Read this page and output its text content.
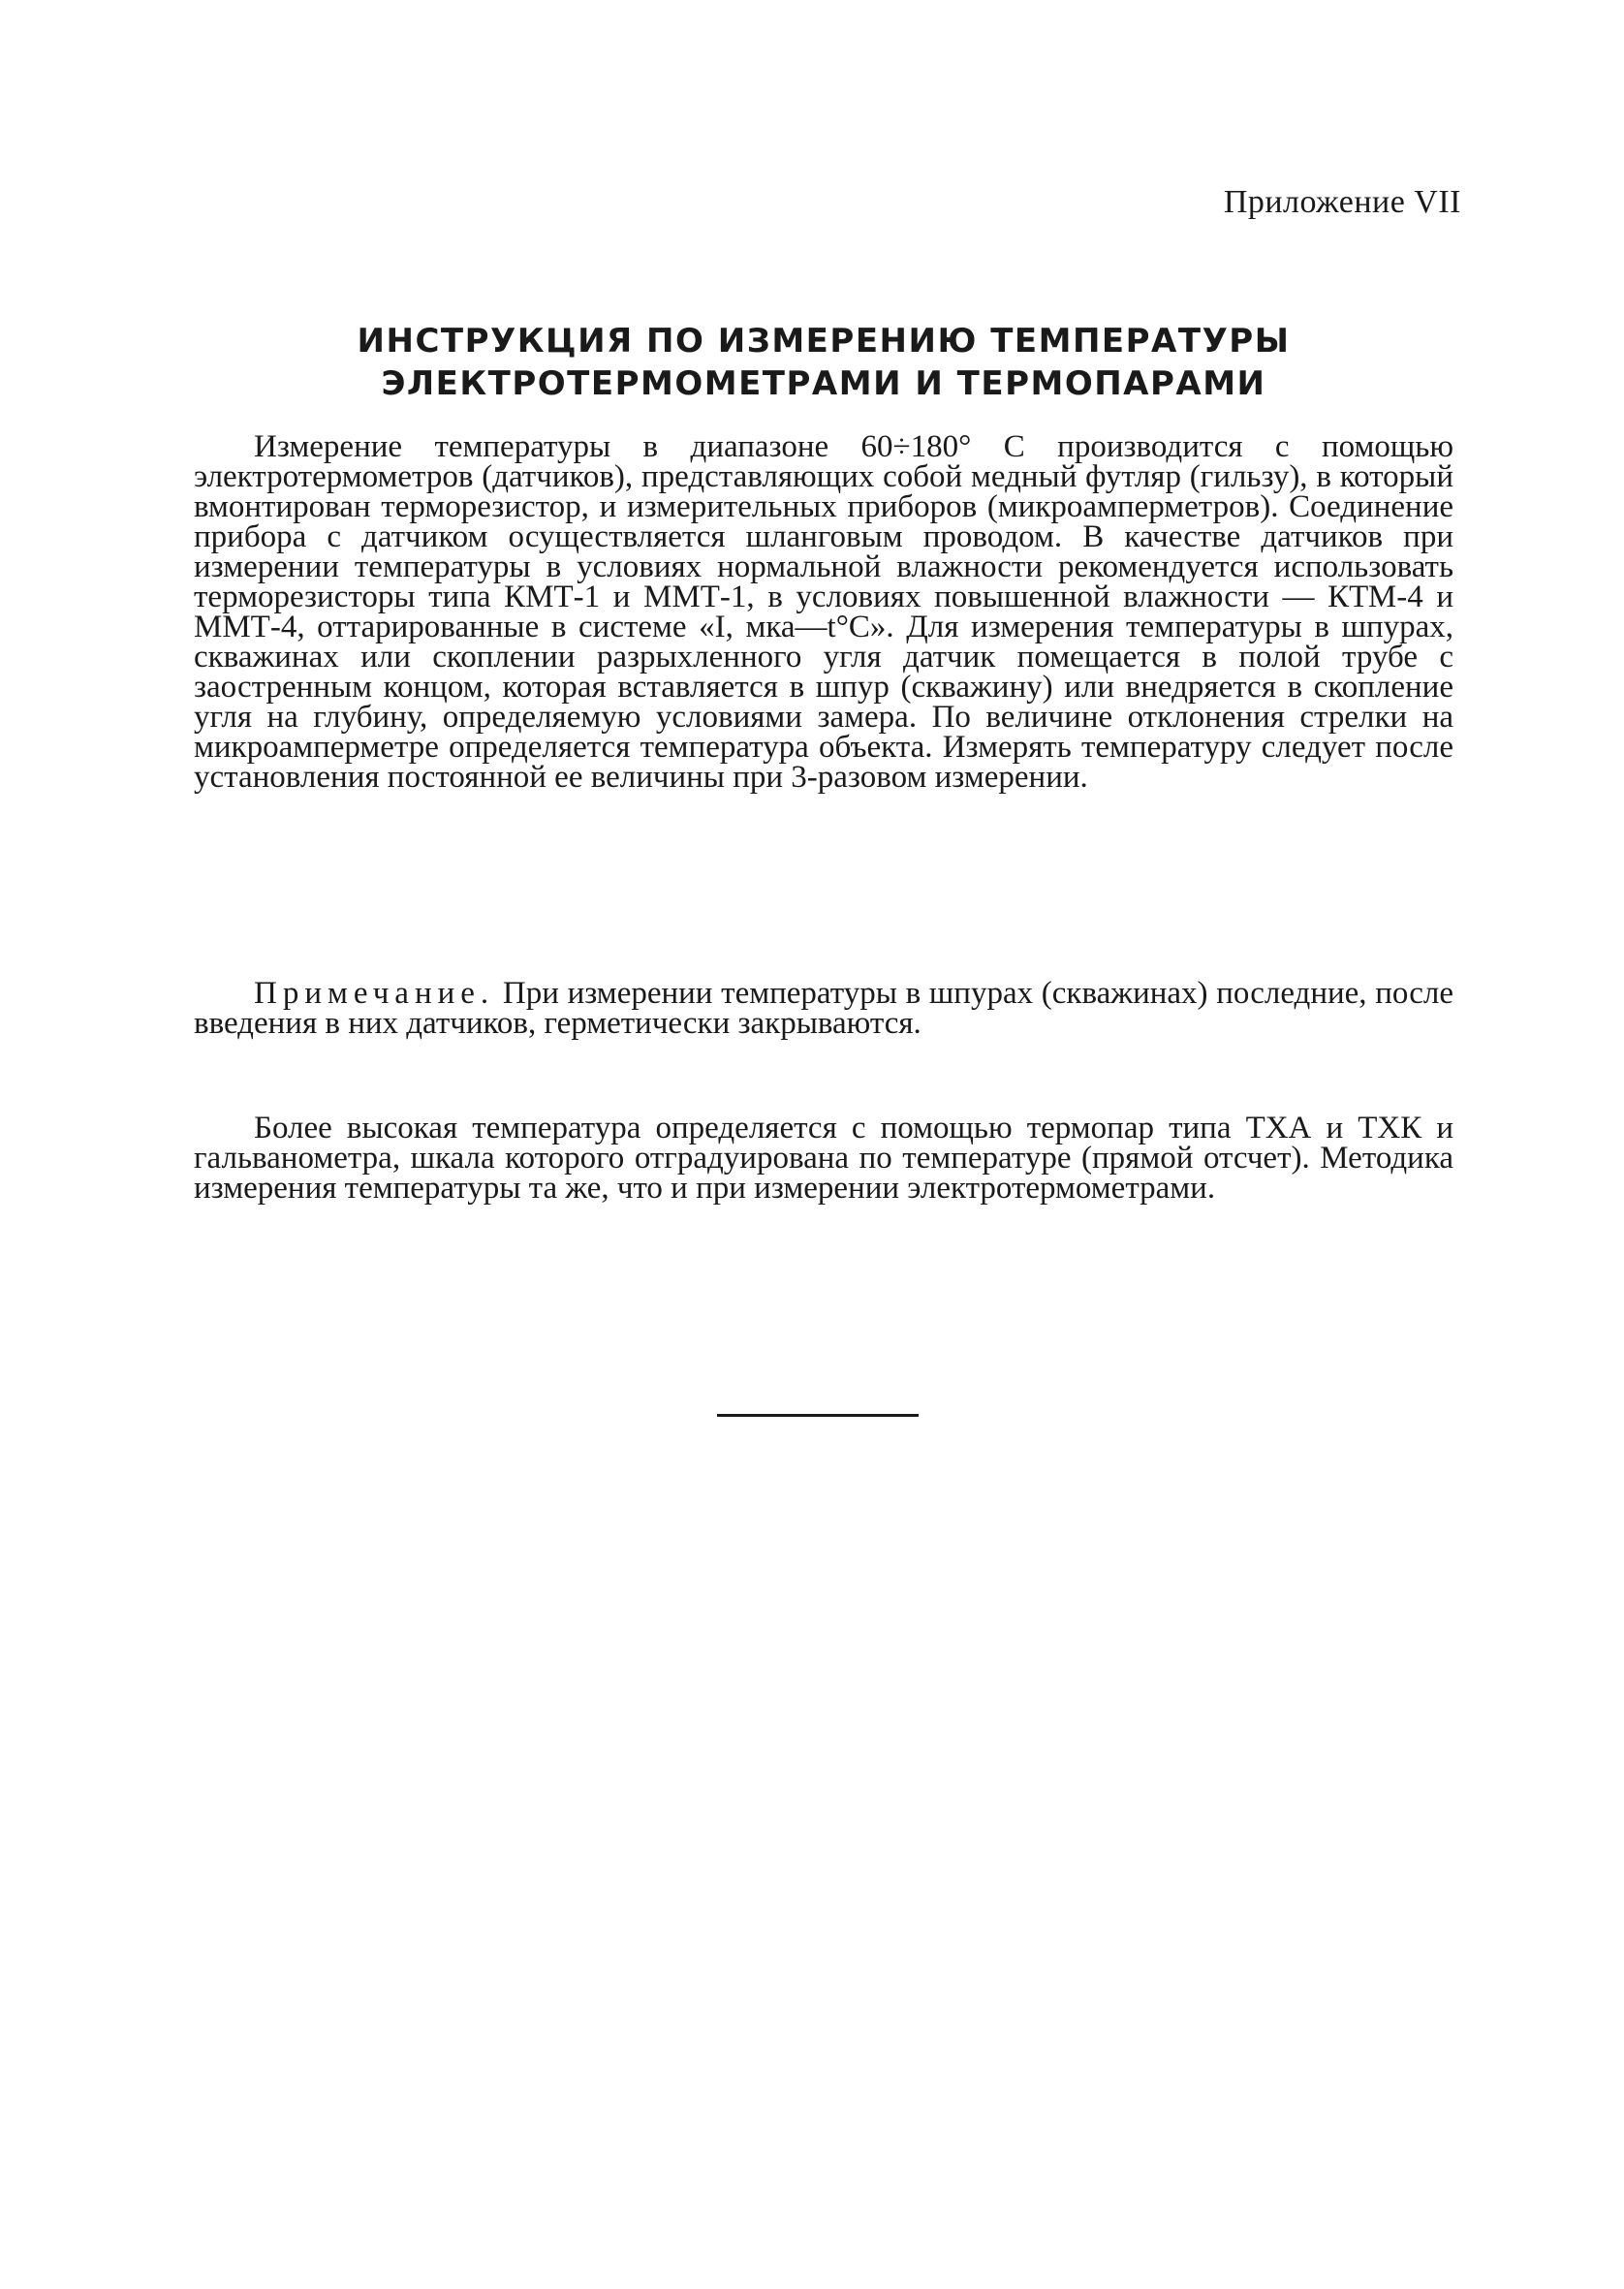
Приложение VII

ИНСТРУКЦИЯ ПО ИЗМЕРЕНИЮ ТЕМПЕРАТУРЫ
ЭЛЕКТРОТЕРМОМЕТРАМИ И ТЕРМОПАРАМИ

Измерение температуры в диапазоне 60÷180° С производится с помощью электротермометров (датчиков), представляющих собой медный футляр (гильзу), в который вмонтирован терморезистор, и измерительных приборов (микроамперметров). Соединение прибора с датчиком осуществляется шланговым проводом. В качестве датчиков при измерении температуры в условиях нормальной влажности рекомендуется использовать терморезисторы типа КМТ-1 и ММТ-1, в условиях повышенной влажности — КТМ-4 и ММТ-4, оттарированные в системе «I, мка—t°C». Для измерения температуры в шпурах, скважинах или скоплении разрыхленного угля датчик помещается в полой трубе с заостренным концом, которая вставляется в шпур (скважину) или внедряется в скопление угля на глубину, определяемую условиями замера. По величине отклонения стрелки на микроамперметре определяется температура объекта. Измерять температуру следует после установления постоянной ее величины при 3-разовом измерении.

Примечание. При измерении температуры в шпурах (скважинах) последние, после введения в них датчиков, герметически закрываются.

Более высокая температура определяется с помощью термопар типа ТХА и ТХК и гальванометра, шкала которого отградуирована по температуре (прямой отсчет). Методика измерения температуры та же, что и при измерении электротермометрами.
